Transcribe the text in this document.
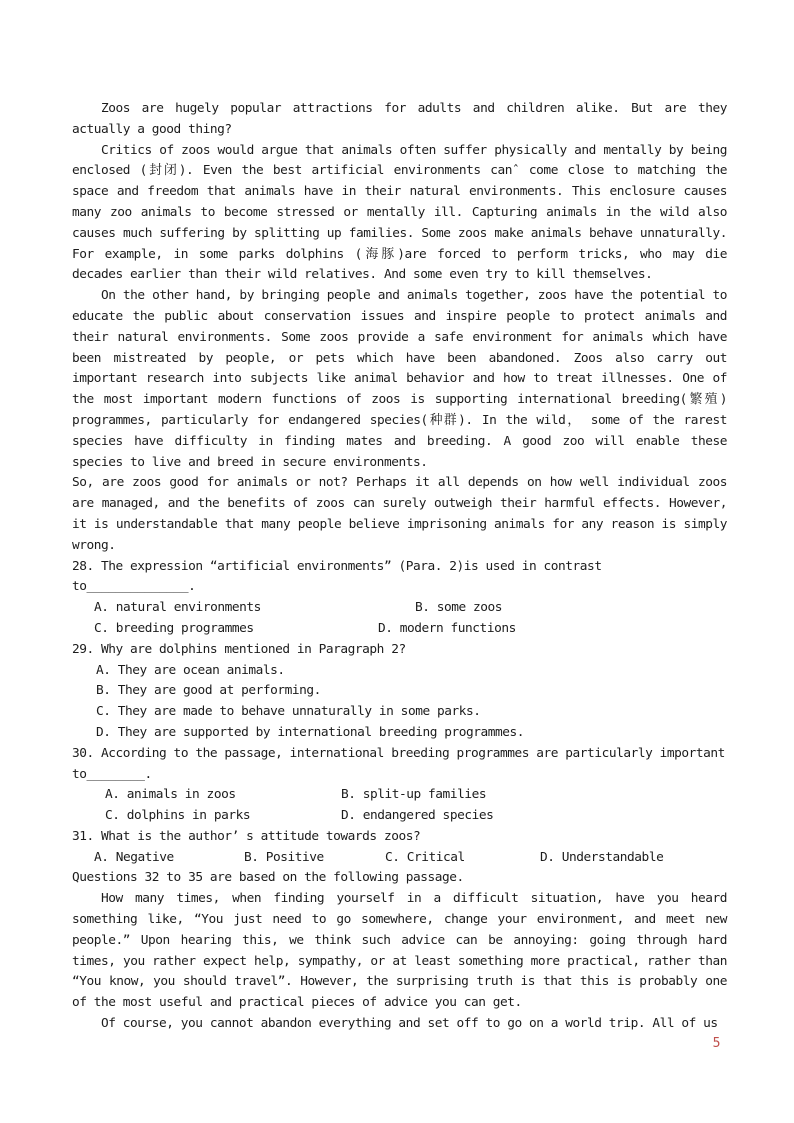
Zoos are hugely popular attractions for adults and children alike. But are they actually a good thing?

Critics of zoos would argue that animals often suffer physically and mentally by being enclosed (封闭). Even the best artificial environments canˆ come close to matching the space and freedom that animals have in their natural environments. This enclosure causes many zoo animals to become stressed or mentally ill. Capturing animals in the wild also causes much suffering by splitting up families. Some zoos make animals behave unnaturally. For example, in some parks dolphins (海豚)are forced to perform tricks, who may die decades earlier than their wild relatives. And some even try to kill themselves.

On the other hand, by bringing people and animals together, zoos have the potential to educate the public about conservation issues and inspire people to protect animals and their natural environments. Some zoos provide a safe environment for animals which have been mistreated by people, or pets which have been abandoned. Zoos also carry out important research into subjects like animal behavior and how to treat illnesses. One of the most important modern functions of zoos is supporting international breeding(繁殖) programmes, particularly for endangered species(种群). In the wild， some of the rarest species have difficulty in finding mates and breeding. A good zoo will enable these species to live and breed in secure environments.

So, are zoos good for animals or not? Perhaps it all depends on how well individual zoos are managed, and the benefits of zoos can surely outweigh their harmful effects. However, it is understandable that many people believe imprisoning animals for any reason is simply wrong.

28. The expression “artificial environments” (Para. 2)is used in contrast

to______________.

A. natural environments	B. some zoos
C. breeding programmes	D. modern functions

29. Why are dolphins mentioned in Paragraph 2?

A. They are ocean animals.

B. They are good at performing.

C. They are made to behave unnaturally in some parks.

D. They are supported by international breeding programmes.

30. According to the passage, international breeding programmes are particularly important

to________.

A. animals in zoos	B. split-up families
C. dolphins in parks	D. endangered species

31. What is the author’ s attitude towards zoos?

A. Negative	B. Positive	C. Critical	D. Understandable

Questions 32 to 35 are based on the following passage.

How many times, when finding yourself in a difficult situation, have you heard something like, “You just need to go somewhere, change your environment, and meet new people.” Upon hearing this, we think such advice can be annoying: going through hard times, you rather expect help, sympathy, or at least something more practical, rather than “You know, you should travel”. However, the surprising truth is that this is probably one of the most useful and practical pieces of advice you can get.

Of course, you cannot abandon everything and set off to go on a world trip. All of us

5
